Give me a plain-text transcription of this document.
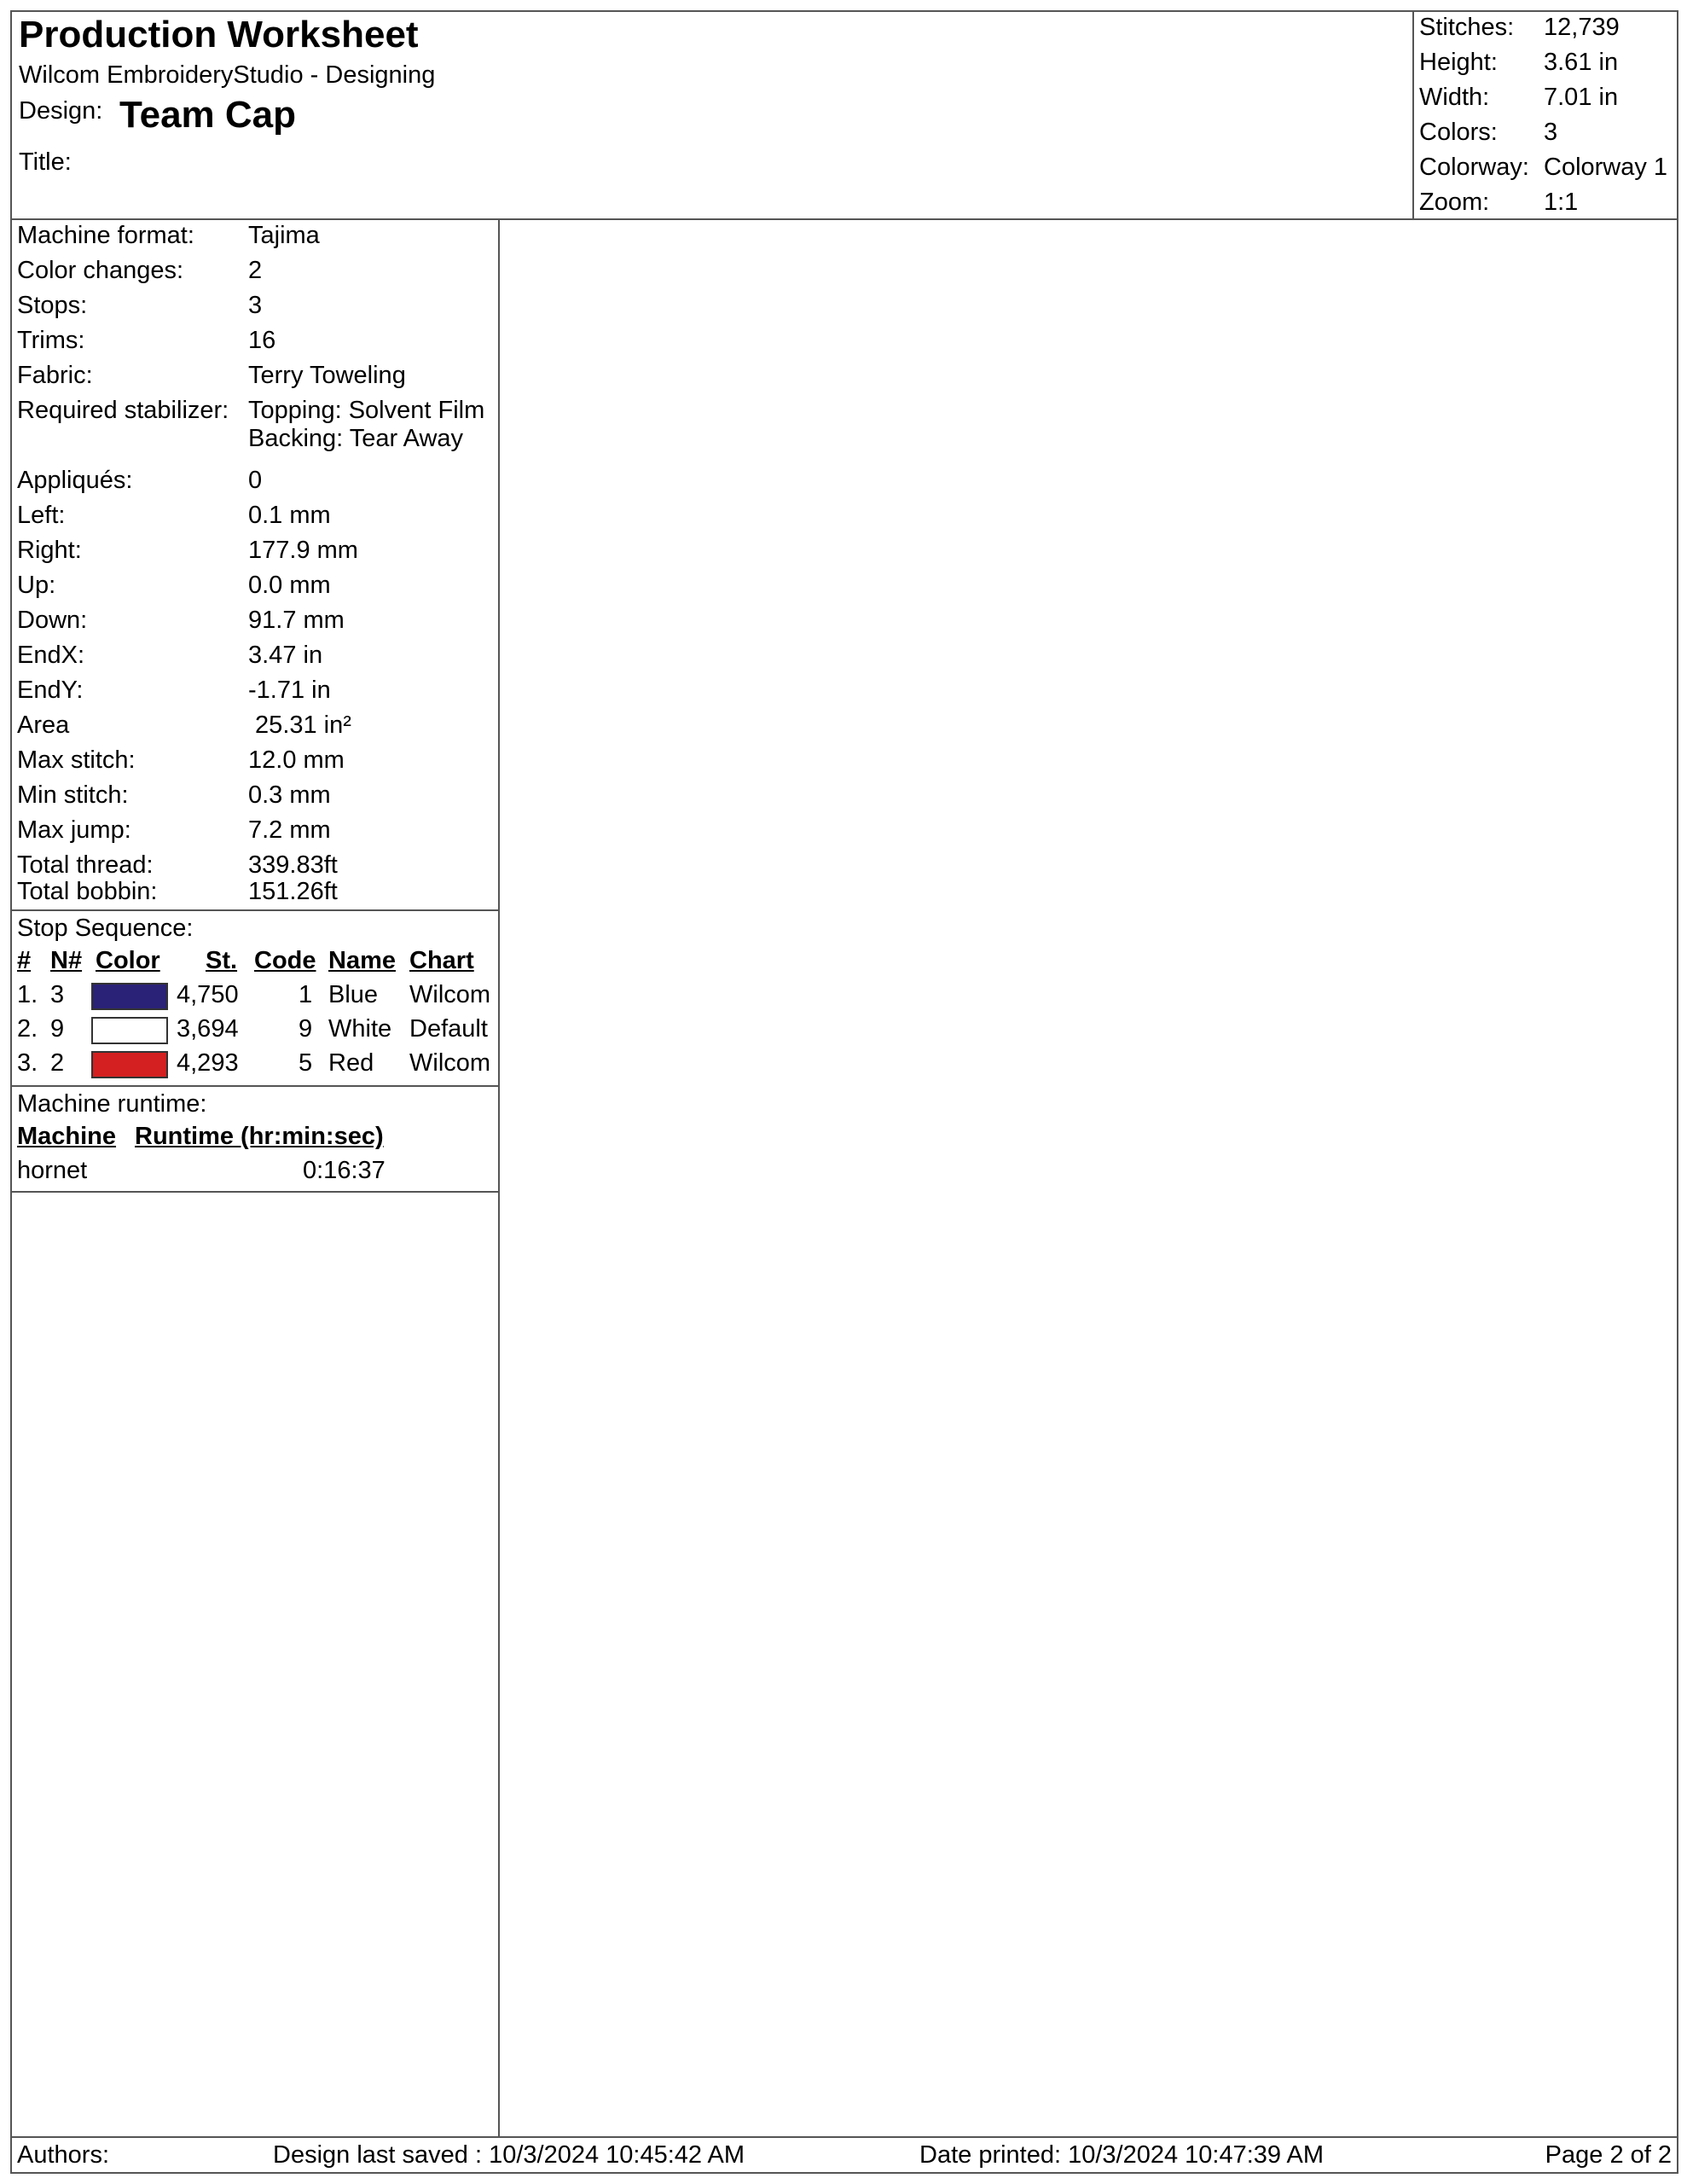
Production Worksheet
Wilcom EmbroideryStudio - Designing
Design: Team Cap
Title:
Stitches: 12,739
Height: 3.61 in
Width: 7.01 in
Colors: 3
Colorway: Colorway 1
Zoom: 1:1
Machine format: Tajima
Color changes:	2
Stops:	3
Trims:	16
Fabric:	Terry Toweling
Required stabilizer: Topping: Solvent Film
Backing: Tear Away
Appliqués:	0
Left:	0.1 mm
Right:	177.9 mm
Up:	0.0 mm
Down:	91.7 mm
EndX:	3.47 in
EndY:	-1.71 in
Area	25.31 in²
Max stitch:	12.0 mm
Min stitch:	0.3 mm
Max jump:	7.2 mm
Total thread:	339.83ft
Total bobbin:	151.26ft
Stop Sequence:
# N# Color St. Code Name Chart
1. 3	4,750 1 Blue Wilcom
2. 9	3,694 9 White Default
3. 2	4,293 5 Red Wilcom
Machine runtime:
Machine Runtime (hr:min:sec)
hornet	0:16:37
Authors:	Design last saved : 10/3/2024 10:45:42 AM	Date printed: 10/3/2024 10:47:39 AM	Page 2 of 2
